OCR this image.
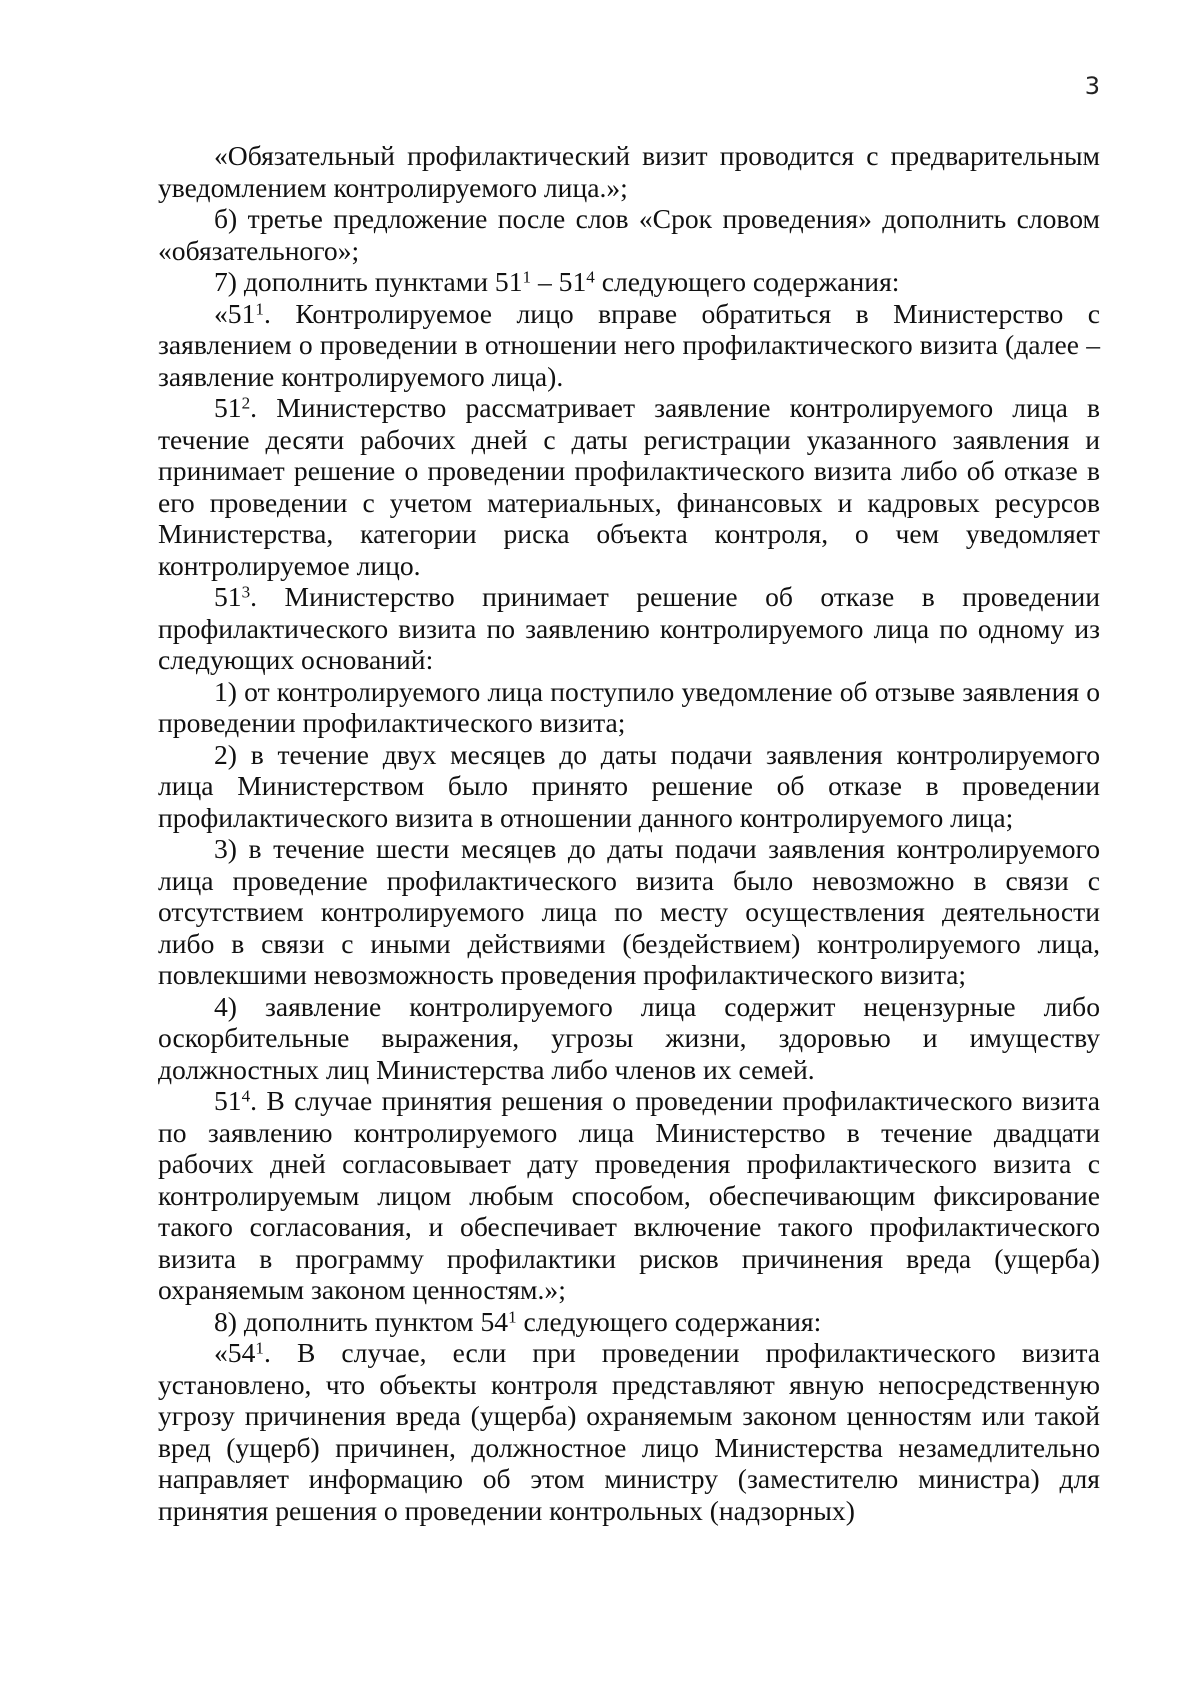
3

«Обязательный профилактический визит проводится с предварительным уведомлением контролируемого лица.»;

б) третье предложение после слов «Срок проведения» дополнить словом «обязательного»;

7) дополнить пунктами $51^1 - 51^4$ следующего содержания:

«$51^1$. Контролируемое лицо вправе обратиться в Министерство с заявлением о проведении в отношении него профилактического визита (далее – заявление контролируемого лица).

$51^2$. Министерство рассматривает заявление контролируемого лица в течение десяти рабочих дней с даты регистрации указанного заявления и принимает решение о проведении профилактического визита либо об отказе в его проведении с учетом материальных, финансовых и кадровых ресурсов Министерства, категории риска объекта контроля, о чем уведомляет контролируемое лицо.

$51^3$. Министерство принимает решение об отказе в проведении профилактического визита по заявлению контролируемого лица по одному из следующих оснований:

1) от контролируемого лица поступило уведомление об отзыве заявления о проведении профилактического визита;

2) в течение двух месяцев до даты подачи заявления контролируемого лица Министерством было принято решение об отказе в проведении профилактического визита в отношении данного контролируемого лица;

3) в течение шести месяцев до даты подачи заявления контролируемого лица проведение профилактического визита было невозможно в связи с отсутствием контролируемого лица по месту осуществления деятельности либо в связи с иными действиями (бездействием) контролируемого лица, повлекшими невозможность проведения профилактического визита;

4) заявление контролируемого лица содержит нецензурные либо оскорбительные выражения, угрозы жизни, здоровью и имуществу должностных лиц Министерства либо членов их семей.

$51^4$. В случае принятия решения о проведении профилактического визита по заявлению контролируемого лица Министерство в течение двадцати рабочих дней согласовывает дату проведения профилактического визита с контролируемым лицом любым способом, обеспечивающим фиксирование такого согласования, и обеспечивает включение такого профилактического визита в программу профилактики рисков причинения вреда (ущерба) охраняемым законом ценностям.»;

8) дополнить пунктом $54^1$ следующего содержания:

«$54^1$. В случае, если при проведении профилактического визита установлено, что объекты контроля представляют явную непосредственную угрозу причинения вреда (ущерба) охраняемым законом ценностям или такой вред (ущерб) причинен, должностное лицо Министерства незамедлительно направляет информацию об этом министру (заместителю министра) для принятия решения о проведении контрольных (надзорных)
